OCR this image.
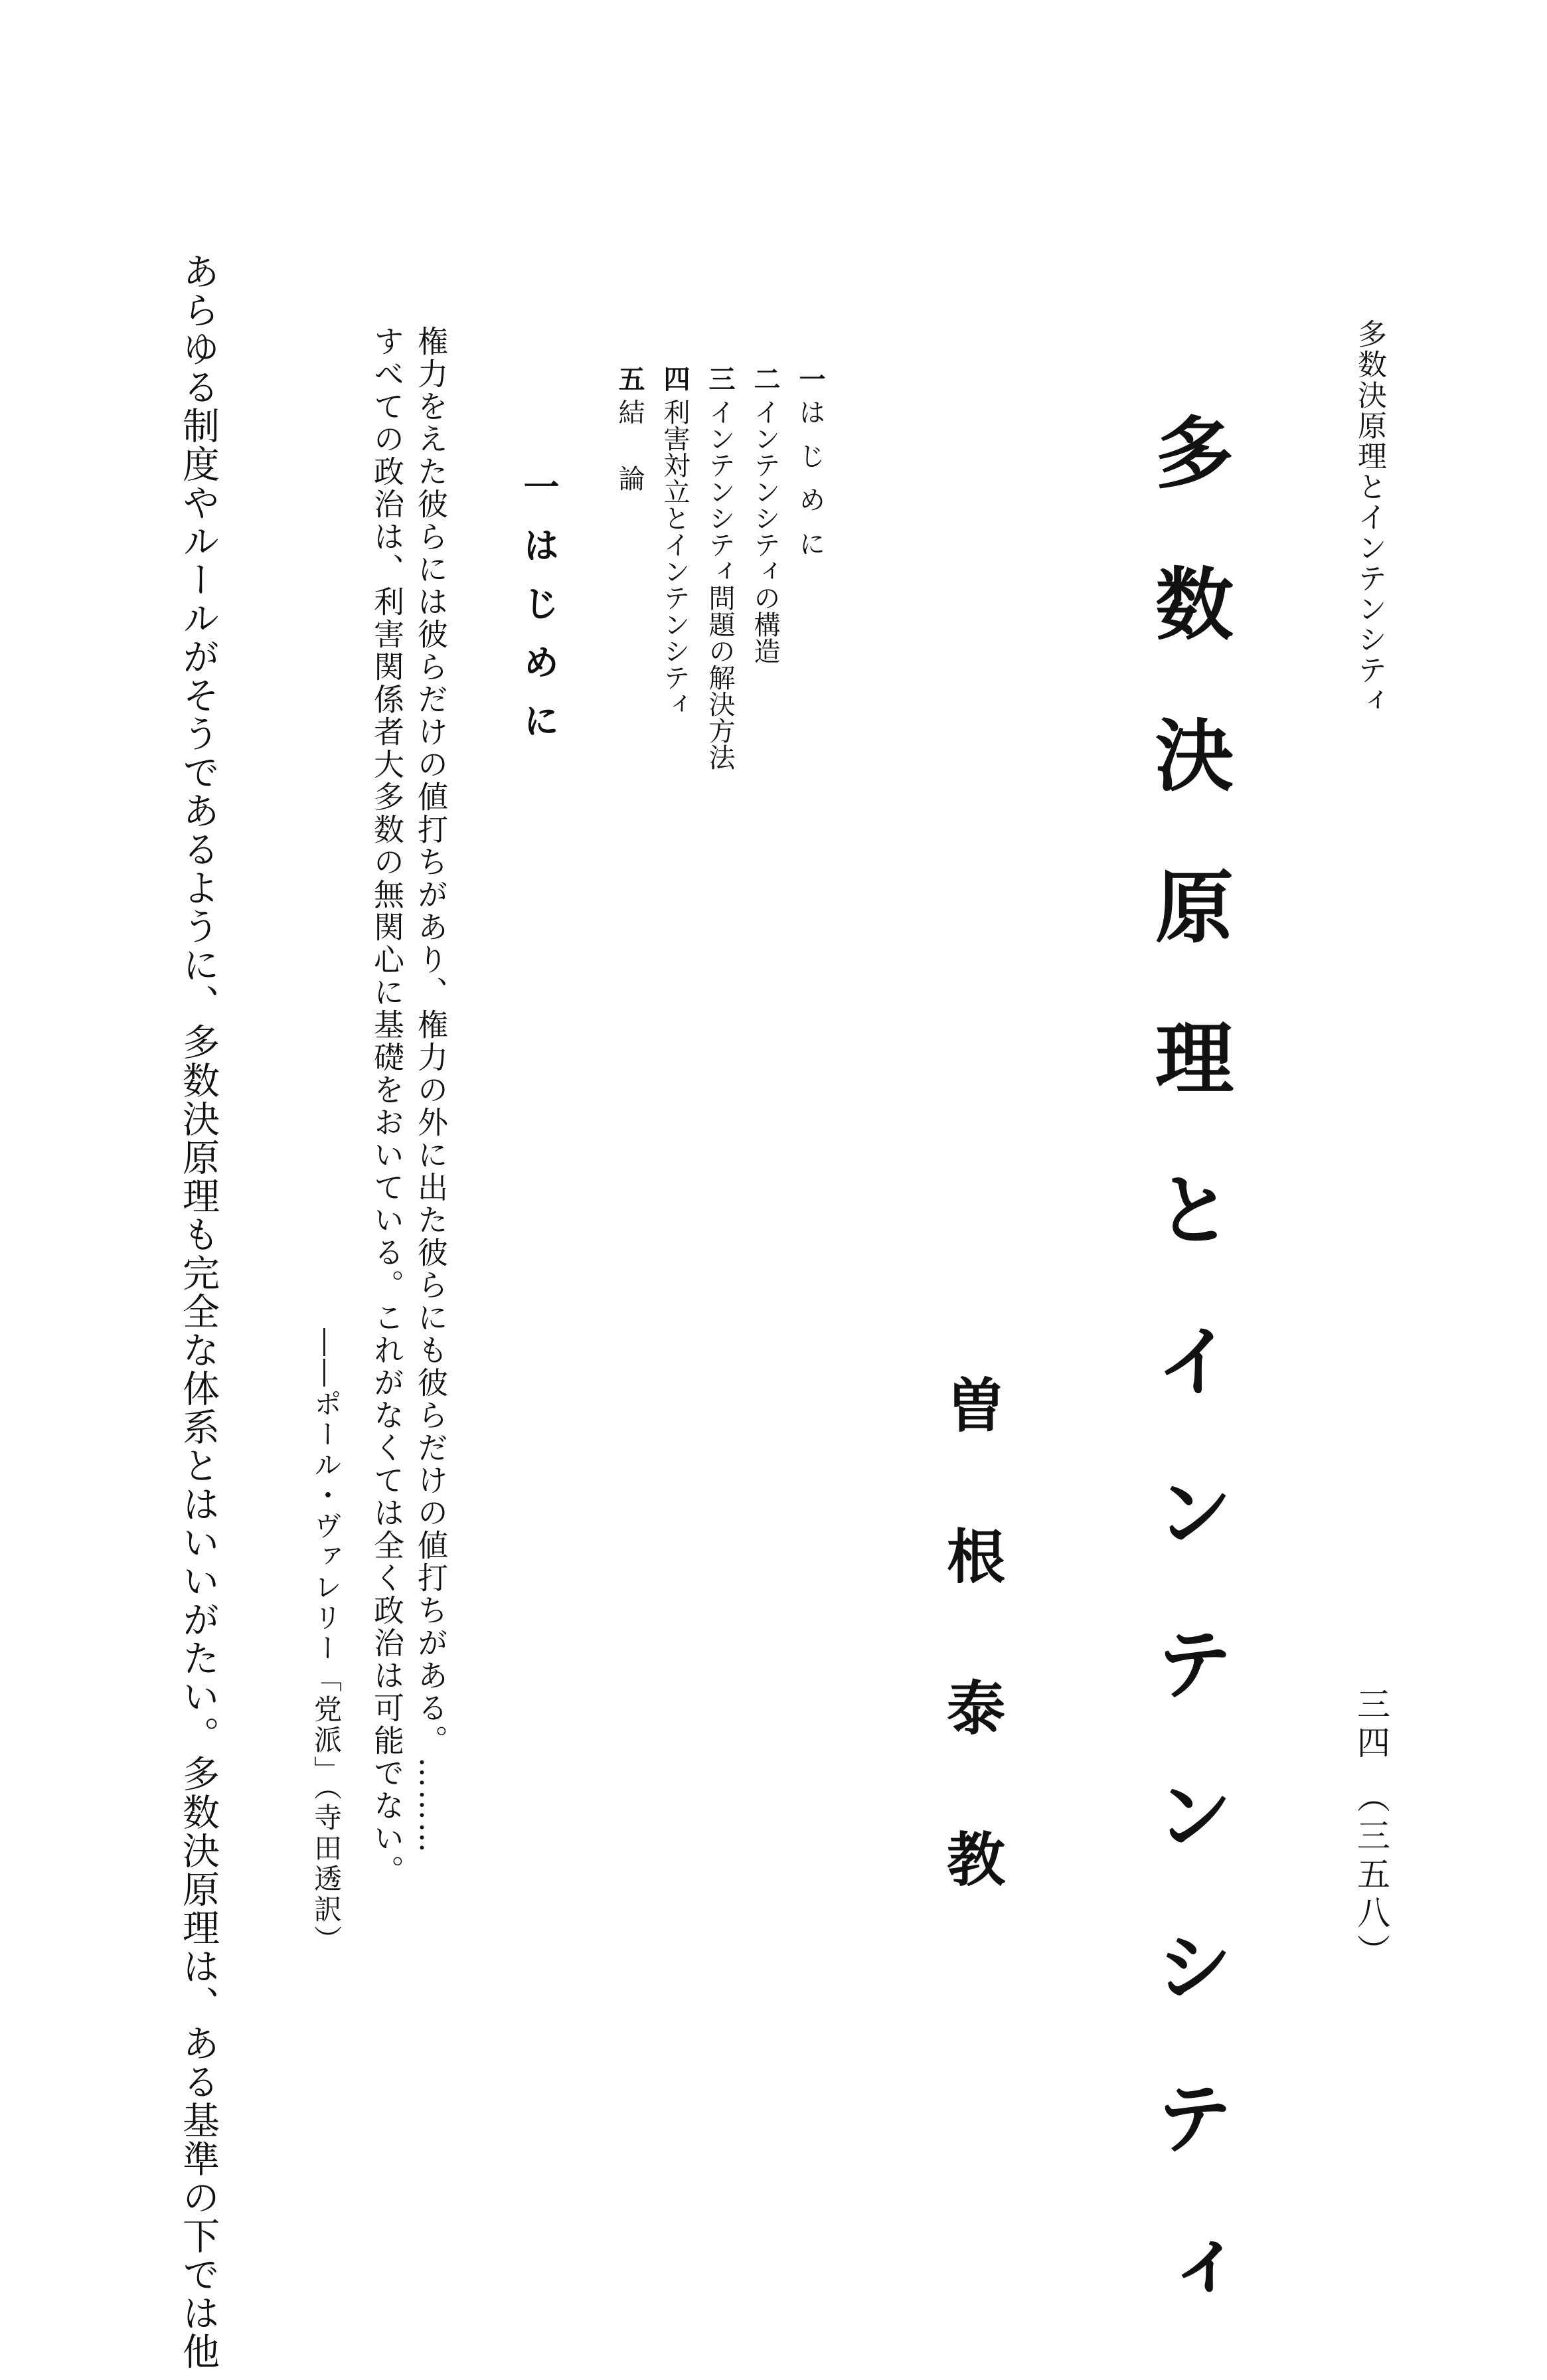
多数決原理とインテンシティ
三四 （三五八）
多数決原理とインテンシティ
曽根泰教
一
はじめに
二
インテンシティの構造
三
インテンシティ問題の解決方法
四
利害対立とインテンシティ
五
結論
一はじめに
権力をえた彼らには彼らだけの値打ちがあり、権力の外に出た彼らにも彼らだけの値打ちがある。………
すべての政治は、利害関係者大多数の無関心に基礎をおいている。これがなくては全く政治は可能でない。
――ポール・ヴァレリー「党派」（寺田透訳）
あらゆる制度やルールがそうであるように、多数決原理も完全な体系とはいいがたい。多数決原理は、ある基準の下では他
